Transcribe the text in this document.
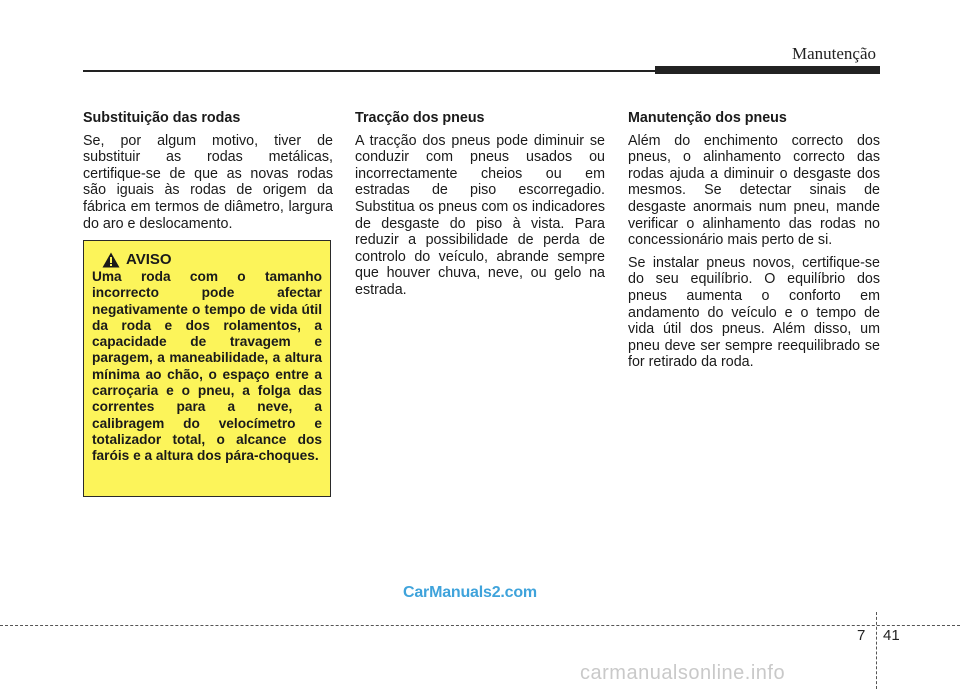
Manutenção
Substituição das rodas

Se, por algum motivo, tiver de substituir as rodas metálicas, certifique-se de que as novas rodas são iguais às rodas de origem da fábrica em termos de diâmetro, largura do aro e deslocamento.

AVISO

Uma roda com o tamanho incorrecto pode afectar negativamente o tempo de vida útil da roda e dos rolamentos, a capacidade de travagem e paragem, a maneabilidade, a altura mínima ao chão, o espaço entre a carroçaria e o pneu, a folga das correntes para a neve, a calibragem do velocímetro e totalizador total, o alcance dos faróis e a altura dos pára-choques.

Tracção dos pneus

A tracção dos pneus pode diminuir se conduzir com pneus usados ou incorrectamente cheios ou em estradas de piso escorregadio. Substitua os pneus com os indicadores de desgaste do piso à vista. Para reduzir a possibilidade de perda de controlo do veículo, abrande sempre que houver chuva, neve, ou gelo na estrada.

Manutenção dos pneus

Além do enchimento correcto dos pneus, o alinhamento correcto das rodas ajuda a diminuir o desgaste dos mesmos. Se detectar sinais de desgaste anormais num pneu, mande verificar o alinhamento das rodas no concessionário mais perto de si.

Se instalar pneus novos, certifique-se do seu equilíbrio. O equilíbrio dos pneus aumenta o conforto em andamento do veículo e o tempo de vida útil dos pneus. Além disso, um pneu deve ser sempre reequilibrado se for retirado da roda.

CarManuals2.com
7 41
carmanualsonline.info
